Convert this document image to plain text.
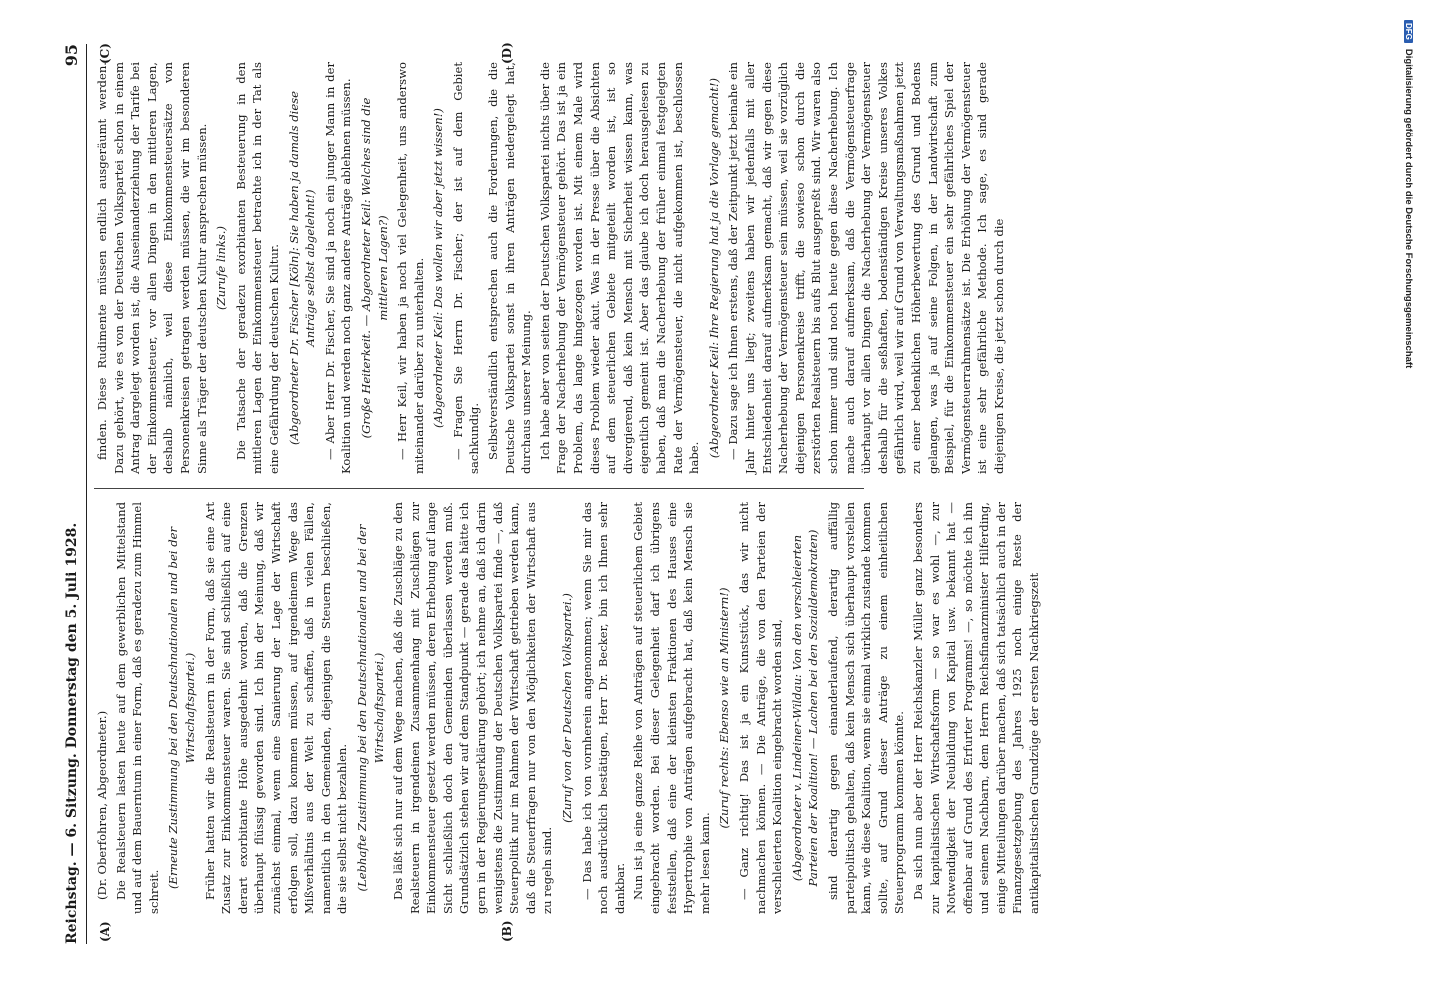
Reichstag. — 6. Sitzung. Donnerstag den 5. Juli 1928.
95
(A)	(B)
(C)	(D)

(Dr. Oberfohren, Abgeordneter.) Die Realsteuern lasten heute auf dem gewerblichen Mittelstand und auf dem Bauerntum in einer Form, daß es geradezu zum Himmel schreit.

(Erneute Zustimmung bei den Deutschnationalen und bei der Wirtschaftspartei.) Früher hatten wir die Realsteuern in der Form, daß sie eine Art Zusatz zur Einkommensteuer waren. Sie sind schließlich auf eine derart exorbitante Höhe ausgedehnt worden, daß die Grenzen überhaupt flüssig geworden sind. Ich bin der Meinung, daß wir zunächst einmal, wenn eine Sanierung der Lage der Wirtschaft erfolgen soll, dazu kommen müssen, auf irgendeinem Wege das Mißverhältnis aus der Welt zu schaffen, daß in vielen Fällen, namentlich in den Gemeinden, diejenigen die Steuern beschließen, die sie selbst nicht bezahlen. (Lebhafte Zustimmung bei den Deutschnationalen und bei der Wirtschaftspartei.) Das läßt sich nur auf dem Wege machen, daß die Zuschläge zu den Realsteuern in irgendeinen Zusammenhang mit Zuschlägen zur Einkommensteuer gesetzt werden müssen, deren Erhebung auf lange Sicht schließlich doch den Gemeinden überlassen werden muß. Grundsätzlich stehen wir auf dem Standpunkt — gerade das hätte ich gern in der Regierungserklärung gehört; ich nehme an, daß ich darin wenigstens die Zustimmung der Deutschen Volkspartei finde —, daß Steuerpolitik nur im Rahmen der Wirtschaft getrieben werden kann, daß die Steuerfragen nur von den Möglichkeiten der Wirtschaft aus zu regeln sind.

(Zuruf von der Deutschen Volkspartei.) — Das habe ich von vornherein angenommen; wenn Sie mir das noch ausdrücklich bestätigen, Herr Dr. Becker, bin ich Ihnen sehr dankbar. Nun ist ja eine ganze Reihe von Anträgen auf steuerlichem Gebiet eingebracht worden. Bei dieser Gelegenheit darf ich übrigens feststellen, daß eine der kleinsten Fraktionen des Hauses eine Hypertrophie von Anträgen aufgebracht hat, daß kein Mensch sie mehr lesen kann.

(Zuruf rechts: Ebenso wie an Ministern!) — Ganz richtig! Das ist ja ein Kunststück, das wir nicht nachmachen können. — Die Anträge, die von den Parteien der verschleierten Koalition eingebracht worden sind, (Abgeordneter v. Lindeiner-Wildau: Von den verschleierten Parteien der Koalition! — Lachen bei den Sozialdemokraten) sind derartig gegen einanderlaufend, derartig auffällig parteipolitisch gehalten, daß kein Mensch sich überhaupt vorstellen kann, wie diese Koalition, wenn sie einmal wirklich zustande kommen sollte, auf Grund dieser Anträge zu einem einheitlichen Steuerprogramm kommen könnte. Da sich nun aber der Herr Reichskanzler Müller ganz besonders zur kapitalistischen Wirtschaftsform — so war es wohl —, zur Notwendigkeit der Neubildung von Kapital usw. bekannt hat — offenbar auf Grund des Erfurter Programms! —, so möchte ich ihn und seinem Nachbarn, dem Herrn Reichsfinanzminister Hilferding, einige Mitteilungen darüber machen, daß sich tatsächlich auch in der Finanzgesetzgebung des Jahres 1925 noch einige Reste der antikapitalistischen Grundzüge der ersten Nachkriegszeit

finden. Diese Rudimente müssen endlich ausgeräumt werden. Dazu gehört, wie es von der Deutschen Volkspartei schon in einem Antrag dargelegt worden ist, die Auseinanderziehung der Tarife bei der Einkommensteuer, vor allen Dingen in den mittleren Lagen, deshalb nämlich, weil diese Einkommensteuersätze von Personenkreisen getragen werden müssen, die wir im besonderen Sinne als Träger der deutschen Kultur ansprechen müssen. (Zurufe links.) Die Tatsache der geradezu exorbitanten Besteuerung in den mittleren Lagen der Einkommensteuer betrachte ich in der Tat als eine Gefährdung der deutschen Kultur. (Abgeordneter Dr. Fischer [Köln]: Sie haben ja damals diese Anträge selbst abgelehnt!) — Aber Herr Dr. Fischer, Sie sind ja noch ein junger Mann in der Koalition und werden noch ganz andere Anträge ablehnen müssen. (Große Heiterkeit. — Abgeordneter Keil: Welches sind die mittleren Lagen?) — Herr Keil, wir haben ja noch viel Gelegenheit, uns anderswo miteinander darüber zu unterhalten. (Abgeordneter Keil: Das wollen wir aber jetzt wissen!) — Fragen Sie Herrn Dr. Fischer; der ist auf dem Gebiet sachkundig. Selbstverständlich entsprechen auch die Forderungen, die die Deutsche Volkspartei sonst in ihren Anträgen niedergelegt hat, durchaus unserer Meinung. Ich habe aber von seiten der Deutschen Volkspartei nichts über die Frage der Nacherhebung der Vermögensteuer gehört. Das ist ja ein Problem, das lange hingezogen worden ist. Mit einem Male wird dieses Problem wieder akut. Was in der Presse über die Absichten auf dem steuerlichen Gebiete mitgeteilt worden ist, ist so divergierend, daß kein Mensch mit Sicherheit wissen kann, was eigentlich gemeint ist. Aber das glaube ich doch herausgelesen zu haben, daß man die Nacherhebung der früher einmal festgelegten Rate der Vermögensteuer, die nicht aufgekommen ist, beschlossen habe. (Abgeordneter Keil: Ihre Regierung hat ja die Vorlage gemacht!) — Dazu sage ich Ihnen erstens, daß der Zeitpunkt jetzt beinahe ein Jahr hinter uns liegt; zweitens haben wir jedenfalls mit aller Entschiedenheit darauf aufmerksam gemacht, daß wir gegen diese Nacherhebung der Vermögensteuer sein müssen, weil sie vorzüglich diejenigen Personenkreise trifft, die sowieso schon durch die zerstörten Realsteuern bis aufs Blut ausgepreßt sind. Wir waren also schon immer und sind noch heute gegen diese Nacherhebung. Ich mache auch darauf aufmerksam, daß die Vermögensteuerfrage überhaupt vor allen Dingen die Nacherhebung der Vermögensteuer deshalb für die seßhaften, bodenständigen Kreise unseres Volkes gefährlich wird, weil wir auf Grund von Verwaltungsmaßnahmen jetzt zu einer bedenklichen Höherbewertung des Grund und Bodens gelangen, was ja auf seine Folgen, in der Landwirtschaft zum Beispiel, für die Einkommensteuer ein sehr gefährliches Spiel der Vermögensteuerrahmensätze ist. Die Erhöhung der Vermögensteuer ist eine sehr gefährliche Methode. Ich sage, es sind gerade diejenigen Kreise, die jetzt schon durch die

DFGDigitalisierung gefördert durch die Deutsche Forschungsgemeinschaft
